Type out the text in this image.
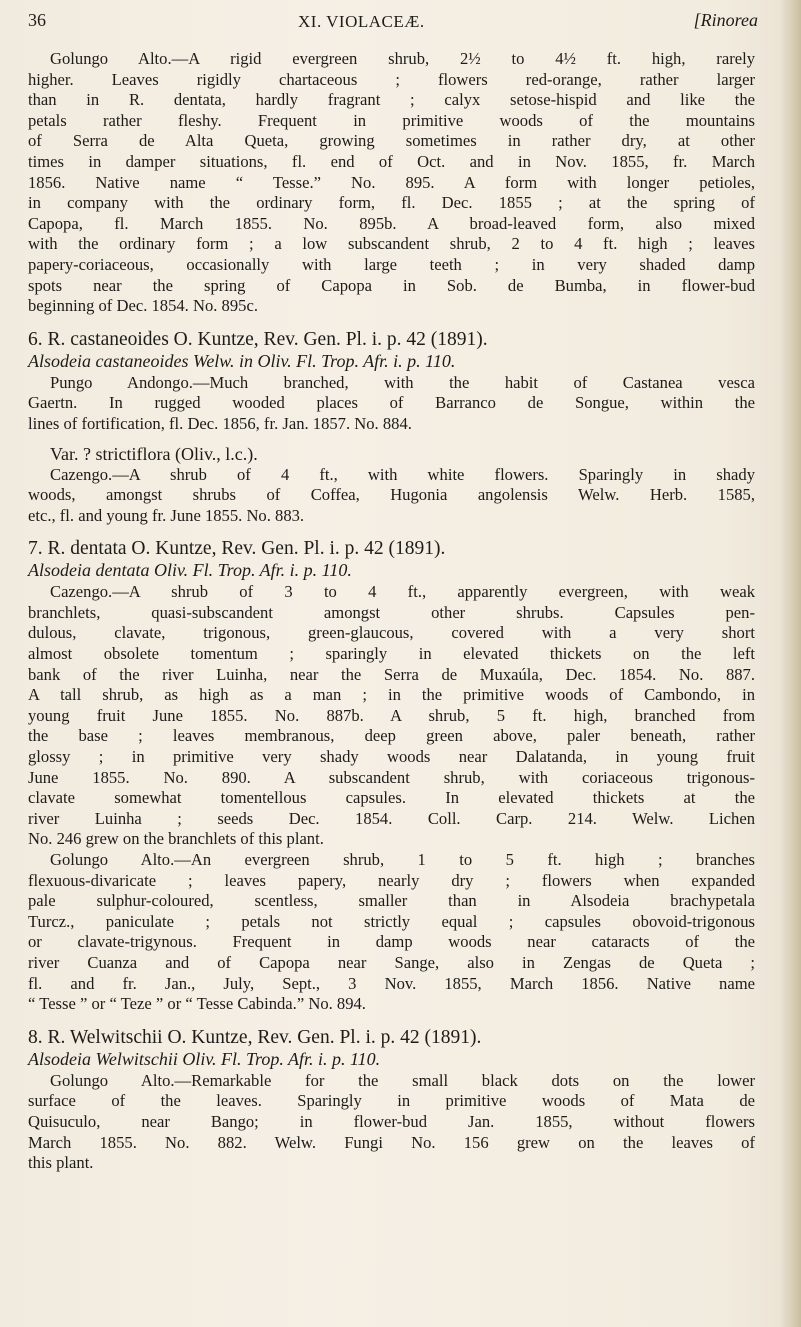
36	XI. VIOLACEÆ.	[Rinorea
Golungo Alto.—A rigid evergreen shrub, 2½ to 4½ ft. high, rarely
higher. Leaves rigidly chartaceous ; flowers red-orange, rather larger
than in R. dentata, hardly fragrant ; calyx setose-hispid and like the
petals rather fleshy. Frequent in primitive woods of the mountains
of Serra de Alta Queta, growing sometimes in rather dry, at other
times in damper situations, fl. end of Oct. and in Nov. 1855, fr. March
1856. Native name “ Tesse.” No. 895. A form with longer petioles,
in company with the ordinary form, fl. Dec. 1855 ; at the spring of
Capopa, fl. March 1855. No. 895b. A broad-leaved form, also mixed
with the ordinary form ; a low subscandent shrub, 2 to 4 ft. high ; leaves
papery-coriaceous, occasionally with large teeth ; in very shaded damp
spots near the spring of Capopa in Sob. de Bumba, in flower-bud
beginning of Dec. 1854. No. 895c.
6. R. castaneoides O. Kuntze, Rev. Gen. Pl. i. p. 42 (1891).
Alsodeia castaneoides Welw. in Oliv. Fl. Trop. Afr. i. p. 110.
Pungo Andongo.—Much branched, with the habit of Castanea vesca
Gaertn. In rugged wooded places of Barranco de Songue, within the
lines of fortification, fl. Dec. 1856, fr. Jan. 1857. No. 884.
Var. ? strictiflora (Oliv., l.c.).
Cazengo.—A shrub of 4 ft., with white flowers. Sparingly in shady
woods, amongst shrubs of Coffea, Hugonia angolensis Welw. Herb. 1585,
etc., fl. and young fr. June 1855. No. 883.
7. R. dentata O. Kuntze, Rev. Gen. Pl. i. p. 42 (1891).
Alsodeia dentata Oliv. Fl. Trop. Afr. i. p. 110.
Cazengo.—A shrub of 3 to 4 ft., apparently evergreen, with weak
branchlets, quasi-subscandent amongst other shrubs. Capsules pen-
dulous, clavate, trigonous, green-glaucous, covered with a very short
almost obsolete tomentum ; sparingly in elevated thickets on the left
bank of the river Luinha, near the Serra de Muxaúla, Dec. 1854. No. 887.
A tall shrub, as high as a man ; in the primitive woods of Cambondo, in
young fruit June 1855. No. 887b. A shrub, 5 ft. high, branched from
the base ; leaves membranous, deep green above, paler beneath, rather
glossy ; in primitive very shady woods near Dalatanda, in young fruit
June 1855. No. 890. A subscandent shrub, with coriaceous trigonous-
clavate somewhat tomentellous capsules. In elevated thickets at the
river Luinha ; seeds Dec. 1854. Coll. Carp. 214. Welw. Lichen
No. 246 grew on the branchlets of this plant.
Golungo Alto.—An evergreen shrub, 1 to 5 ft. high ; branches
flexuous-divaricate ; leaves papery, nearly dry ; flowers when expanded
pale sulphur-coloured, scentless, smaller than in Alsodeia brachypetala
Turcz., paniculate ; petals not strictly equal ; capsules obovoid-trigonous
or clavate-trigynous. Frequent in damp woods near cataracts of the
river Cuanza and of Capopa near Sange, also in Zengas de Queta ;
fl. and fr. Jan., July, Sept., 3 Nov. 1855, March 1856. Native name
“ Tesse ” or “ Teze ” or “ Tesse Cabinda.” No. 894.
8. R. Welwitschii O. Kuntze, Rev. Gen. Pl. i. p. 42 (1891).
Alsodeia Welwitschii Oliv. Fl. Trop. Afr. i. p. 110.
Golungo Alto.—Remarkable for the small black dots on the lower
surface of the leaves. Sparingly in primitive woods of Mata de
Quisuculo, near Bango; in flower-bud Jan. 1855, without flowers
March 1855. No. 882. Welw. Fungi No. 156 grew on the leaves of
this plant.
